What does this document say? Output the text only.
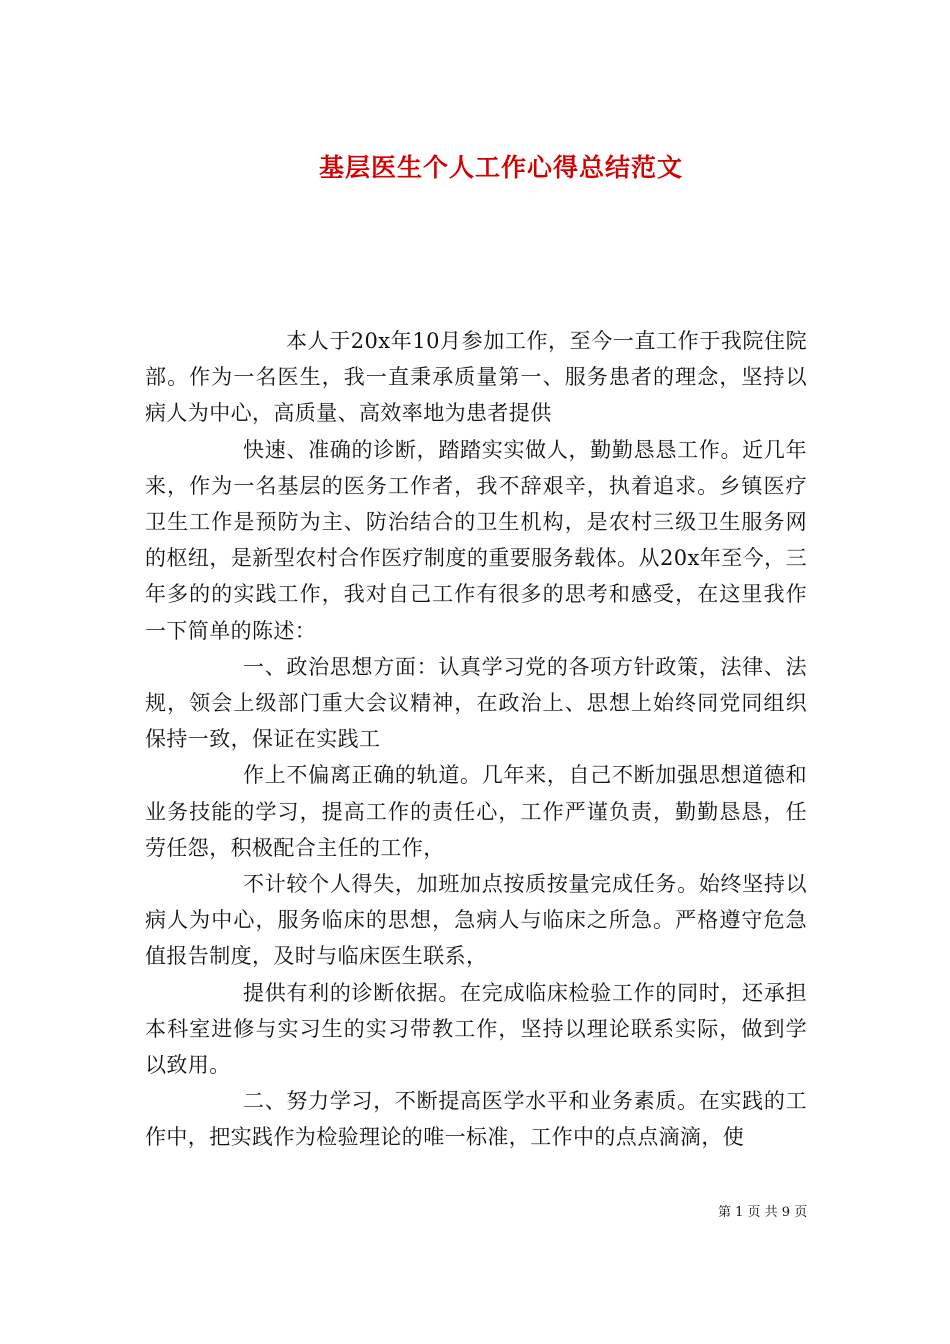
基层医生个人工作心得总结范文

本人于20x年10月参加工作，至今一直工作于我院住院部。作为一名医生，我一直秉承质量第一、服务患者的理念，坚持以病人为中心，高质量、高效率地为患者提供

快速、准确的诊断，踏踏实实做人，勤勤恳恳工作。近几年来，作为一名基层的医务工作者，我不辞艰辛，执着追求。乡镇医疗卫生工作是预防为主、防治结合的卫生机构，是农村三级卫生服务网的枢纽，是新型农村合作医疗制度的重要服务载体。从20x年至今，三年多的的实践工作，我对自己工作有很多的思考和感受，在这里我作一下简单的陈述：

一、政治思想方面：认真学习党的各项方针政策，法律、法规，领会上级部门重大会议精神，在政治上、思想上始终同党同组织保持一致，保证在实践工

作上不偏离正确的轨道。几年来，自己不断加强思想道德和业务技能的学习，提高工作的责任心，工作严谨负责，勤勤恳恳，任劳任怨，积极配合主任的工作，

不计较个人得失，加班加点按质按量完成任务。始终坚持以病人为中心，服务临床的思想，急病人与临床之所急。严格遵守危急值报告制度，及时与临床医生联系，

提供有利的诊断依据。在完成临床检验工作的同时，还承担本科室进修与实习生的实习带教工作，坚持以理论联系实际，做到学以致用。

二、努力学习，不断提高医学水平和业务素质。在实践的工作中，把实践作为检验理论的唯一标准，工作中的点点滴滴，使

第 1 页 共 9 页
